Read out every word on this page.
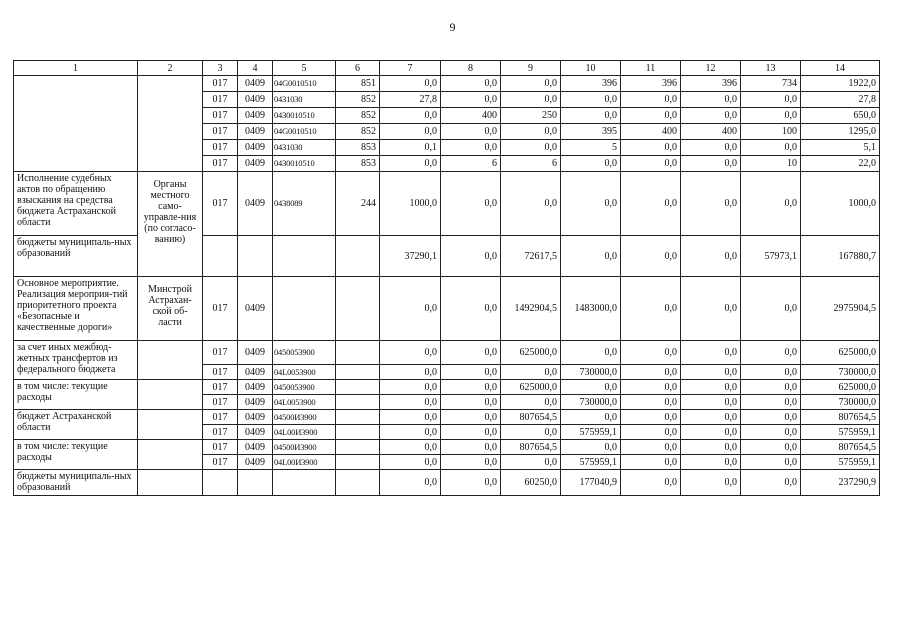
9
1	2	3	4	5	6	7	8	9	10	11	12	13	14
		017	0409	04G0010510	851	0,0	0,0	0,0	396	396	396	734	1922,0
		017	0409	0431030	852	27,8	0,0	0,0	0,0	0,0	0,0	0,0	27,8
		017	0409	0430010510	852	0,0	400	250	0,0	0,0	0,0	0,0	650,0
		017	0409	04G0010510	852	0,0	0,0	0,0	395	400	400	100	1295,0
		017	0409	0431030	853	0,1	0,0	0,0	5	0,0	0,0	0,0	5,1
		017	0409	0430010510	853	0,0	6	6	0,0	0,0	0,0	10	22,0
Исполнение судебных актов по обращению взыскания на средства бюджета Астраханской области	Органы местного само-управле-ния (по согласо-ванию)	017	0409	0438089	244	1000,0	0,0	0,0	0,0	0,0	0,0	0,0	1000,0
бюджеты муниципаль-ных образований						37290,1	0,0	72617,5	0,0	0,0	0,0	57973,1	167880,7
Основное мероприятие. Реализация мероприя-тий приоритетного проекта «Безопасные и качественные дороги»	Минстрой Астрахан-ской об-ласти	017	0409			0,0	0,0	1492904,5	1483000,0	0,0	0,0	0,0	2975904,5
за счет иных межбюд-жетных трансфертов из федерального бюджета		017	0409	0450053900		0,0	0,0	625000,0	0,0	0,0	0,0	0,0	625000,0
		017	0409	04L0053900		0,0	0,0	0,0	730000,0	0,0	0,0	0,0	730000,0
в том числе: текущие расходы		017	0409	0450053900		0,0	0,0	625000,0	0,0	0,0	0,0	0,0	625000,0
		017	0409	04L0053900		0,0	0,0	0,0	730000,0	0,0	0,0	0,0	730000,0
бюджет Астраханской области		017	0409	04500И3900		0,0	0,0	807654,5	0,0	0,0	0,0	0,0	807654,5
		017	0409	04L00И3900		0,0	0,0	0,0	575959,1	0,0	0,0	0,0	575959,1
в том числе: текущие расходы		017	0409	04500И3900		0,0	0,0	807654,5	0,0	0,0	0,0	0,0	807654,5
		017	0409	04L00И3900		0,0	0,0	0,0	575959,1	0,0	0,0	0,0	575959,1
бюджеты муниципаль-ных образований						0,0	0,0	60250,0	177040,9	0,0	0,0	0,0	237290,9
